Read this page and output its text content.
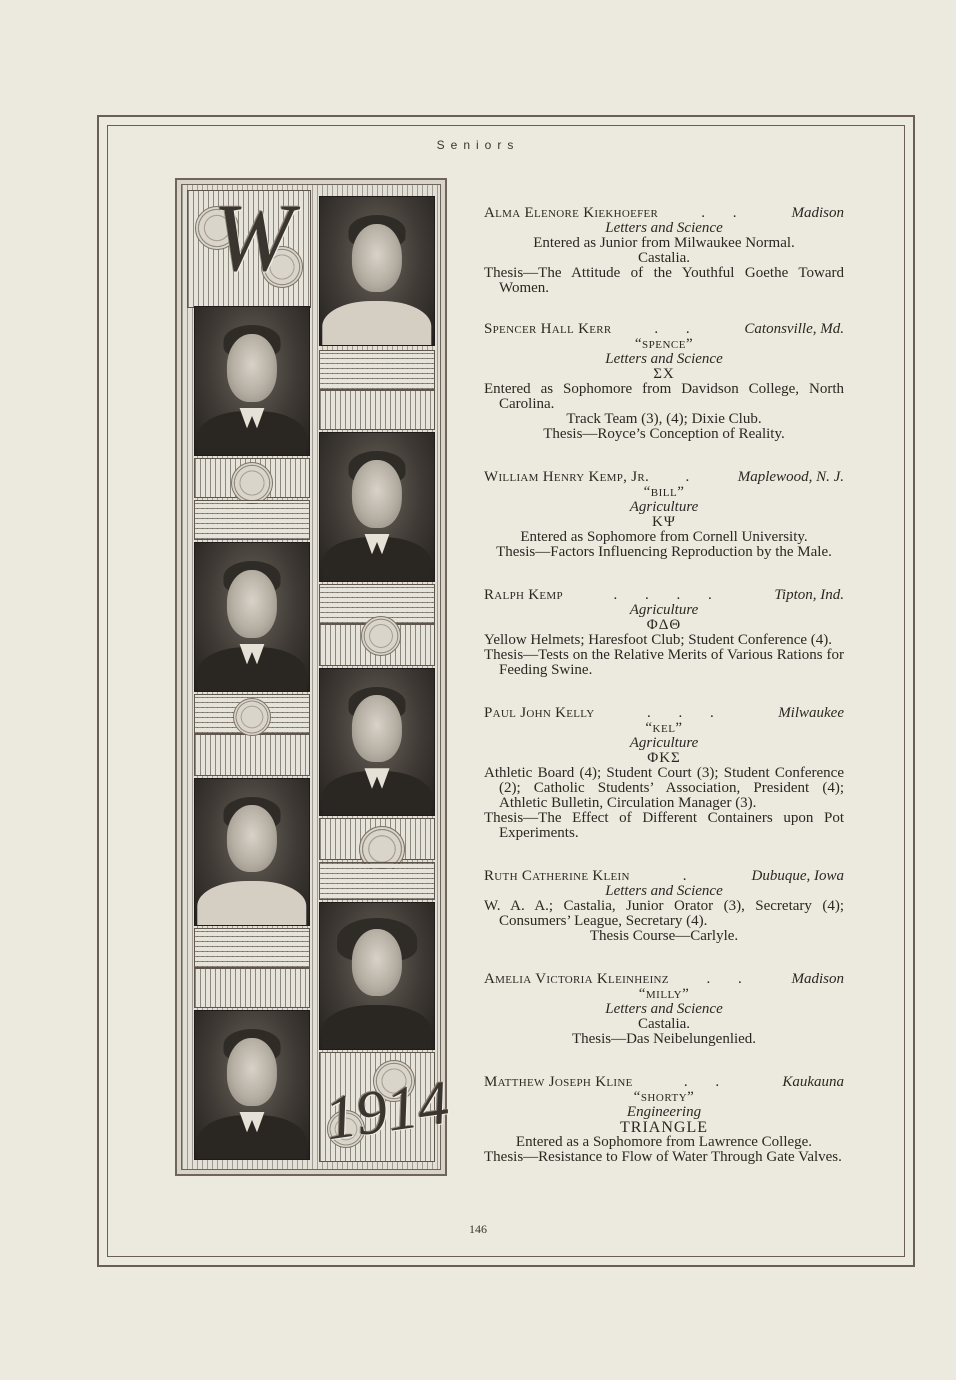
Seniors
W
1914
Alma Elenore Kiekhoefer	. .	Madison
Letters and Science
Entered as Junior from Milwaukee Normal.
Castalia.
Thesis—The Attitude of the Youthful Goethe Toward Women.
Spencer Hall Kerr	. .	Catonsville, Md.
“spence”
Letters and Science
ΣX
Entered as Sophomore from Davidson College, North Carolina.
Track Team (3), (4); Dixie Club.
Thesis—Royce’s Conception of Reality.
William Henry Kemp, Jr.	.	Maplewood, N. J.
“bill”
Agriculture
KΨ
Entered as Sophomore from Cornell University.
Thesis—Factors Influencing Reproduction by the Male.
Ralph Kemp	. . . .	Tipton, Ind.
Agriculture
ΦΔΘ
Yellow Helmets; Haresfoot Club; Student Conference (4).
Thesis—Tests on the Relative Merits of Various Rations for Feeding Swine.
Paul John Kelly	. . .	Milwaukee
“kel”
Agriculture
ΦΚΣ
Athletic Board (4); Student Court (3); Student Conference (2); Catholic Students’ Association, President (4); Athletic Bulletin, Circulation Manager (3).
Thesis—The Effect of Different Containers upon Pot Experiments.
Ruth Catherine Klein	.	Dubuque, Iowa
Letters and Science
W. A. A.; Castalia, Junior Orator (3), Secretary (4); Consumers’ League, Secretary (4).
Thesis Course—Carlyle.
Amelia Victoria Kleinheinz	. .	Madison
“milly”
Letters and Science
Castalia.
Thesis—Das Neibelungenlied.
Matthew Joseph Kline	. .	Kaukauna
“shorty”
Engineering
TRIANGLE
Entered as a Sophomore from Lawrence College.
Thesis—Resistance to Flow of Water Through Gate Valves.
146
